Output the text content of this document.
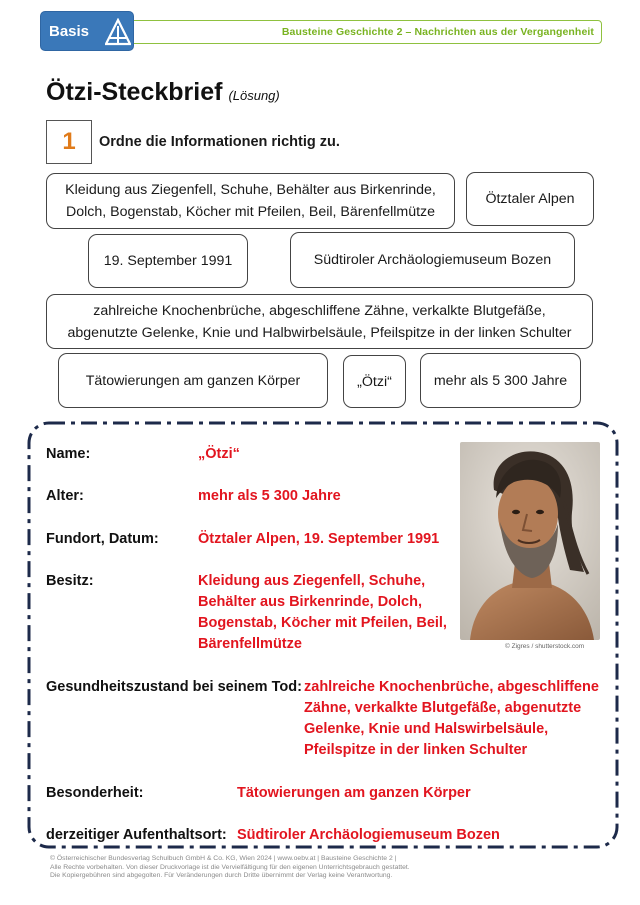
Bausteine Geschichte 2 – Nachrichten aus der Vergangenheit
Basis
Ötzi-Steckbrief (Lösung)
1 Ordne die Informationen richtig zu.
Kleidung aus Ziegenfell, Schuhe, Behälter aus Birkenrinde,
Dolch, Bogenstab, Köcher mit Pfeilen, Beil, Bärenfellmütze
Ötztaler Alpen
19. September 1991	Südtiroler Archäologiemuseum Bozen
zahlreiche Knochenbrüche, abgeschliffene Zähne, verkalkte Blutgefäße,
abgenutzte Gelenke, Knie und Halbwirbelsäule, Pfeilspitze in der linken Schulter
Tätowierungen am ganzen Körper	„Ötzi“	mehr als 5 300 Jahre
Name:	„Ötzi“
Alter:	mehr als 5 300 Jahre
Fundort, Datum:	Ötztaler Alpen, 19. September 1991
Besitz:	Kleidung aus Ziegenfell, Schuhe,
Behälter aus Birkenrinde, Dolch,
Bogenstab, Köcher mit Pfeilen, Beil,
Bärenfellmütze
Gesundheitszustand bei seinem Tod: zahlreiche Knochenbrüche, abgeschliffene
Zähne, verkalkte Blutgefäße, abgenutzte
Gelenke, Knie und Halswirbelsäule,
Pfeilspitze in der linken Schulter
Besonderheit:	Tätowierungen am ganzen Körper
derzeitiger Aufenthaltsort: Südtiroler Archäologiemuseum Bozen
© Zigres / shutterstock.com
© Österreichischer Bundesverlag Schulbuch GmbH & Co. KG, Wien 2024 | www.oebv.at | Bausteine Geschichte 2 |
Alle Rechte vorbehalten. Von dieser Druckvorlage ist die Vervielfältigung für den eigenen Unterrichtsgebrauch gestattet.
Die Kopiergebühren sind abgegolten. Für Veränderungen durch Dritte übernimmt der Verlag keine Verantwortung.
